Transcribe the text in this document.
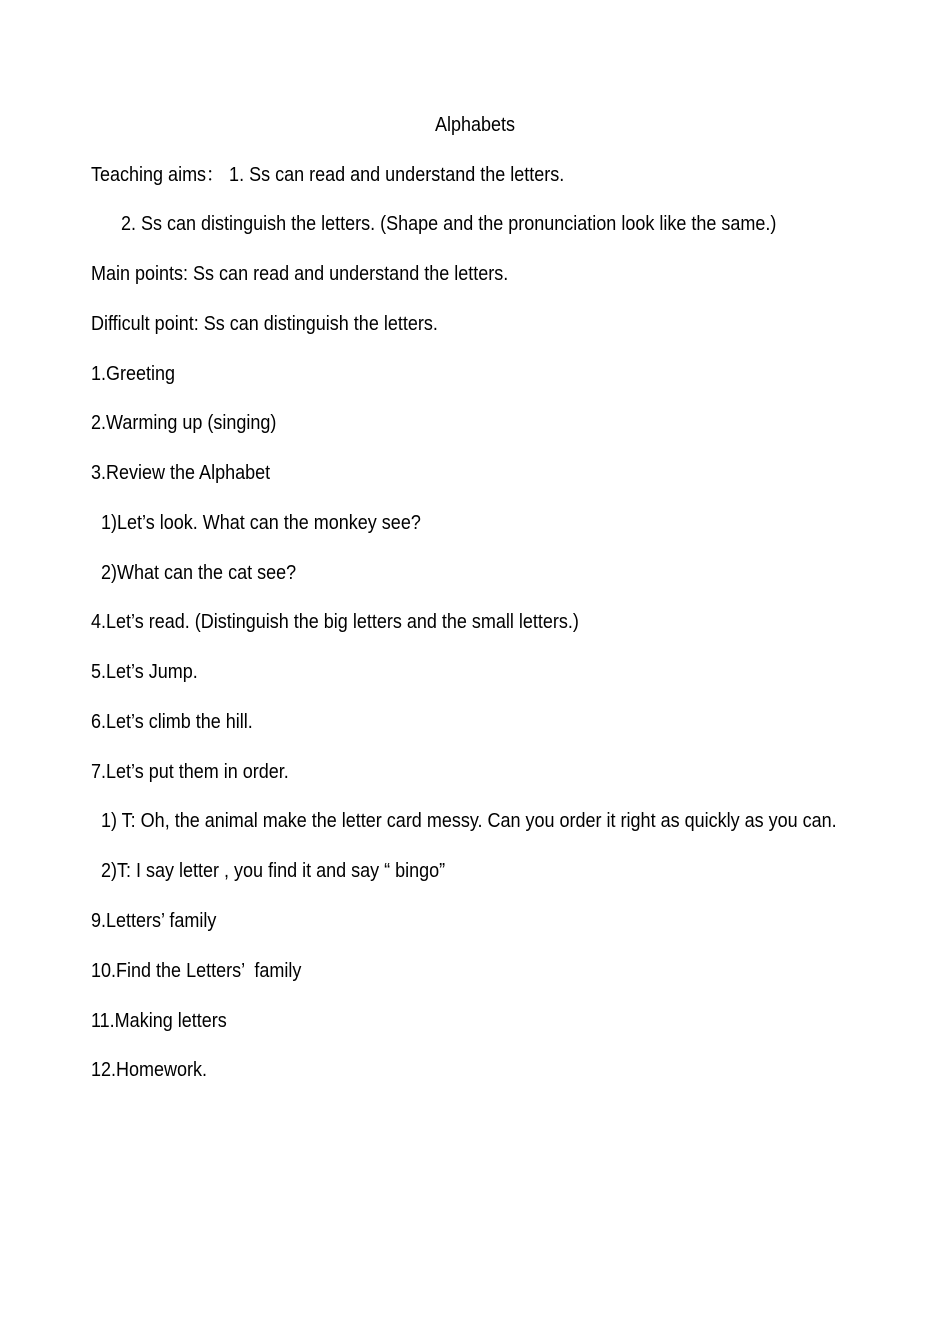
Alphabets
Teaching aims： 1. Ss can read and understand the letters.
2. Ss can distinguish the letters. (Shape and the pronunciation look like the same.)
Main points: Ss can read and understand the letters.
Difficult point: Ss can distinguish the letters.
1.Greeting
2.Warming up (singing)
3.Review the Alphabet
1)Let’s look. What can the monkey see?
2)What can the cat see?
4.Let’s read. (Distinguish the big letters and the small letters.)
5.Let’s Jump.
6.Let’s climb the hill.
7.Let’s put them in order.
1) T: Oh, the animal make the letter card messy. Can you order it right as quickly as you can.
2)T: I say letter , you find it and say “ bingo”
9.Letters’ family
10.Find the Letters’  family
11.Making letters
12.Homework.
